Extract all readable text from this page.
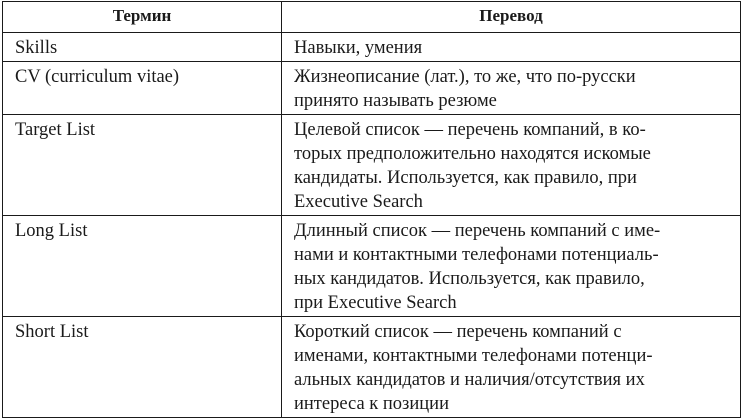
Термин	Перевод

Skills	Навыки, умения

CV (curriculum vitae)	Жизнеописание (лат.), то же, что по-русски
принято называть резюме

Target List	Целевой список — перечень компаний, в ко-
торых предположительно находятся искомые
кандидаты. Используется, как правило, при
Executive Search

Long List	Длинный список — перечень компаний с име-
нами и контактными телефонами потенциаль-
ных кандидатов. Используется, как правило,
при Executive Search

Short List	Короткий список — перечень компаний с
именами, контактными телефонами потенци-
альных кандидатов и наличия/отсутствия их
интереса к позиции
